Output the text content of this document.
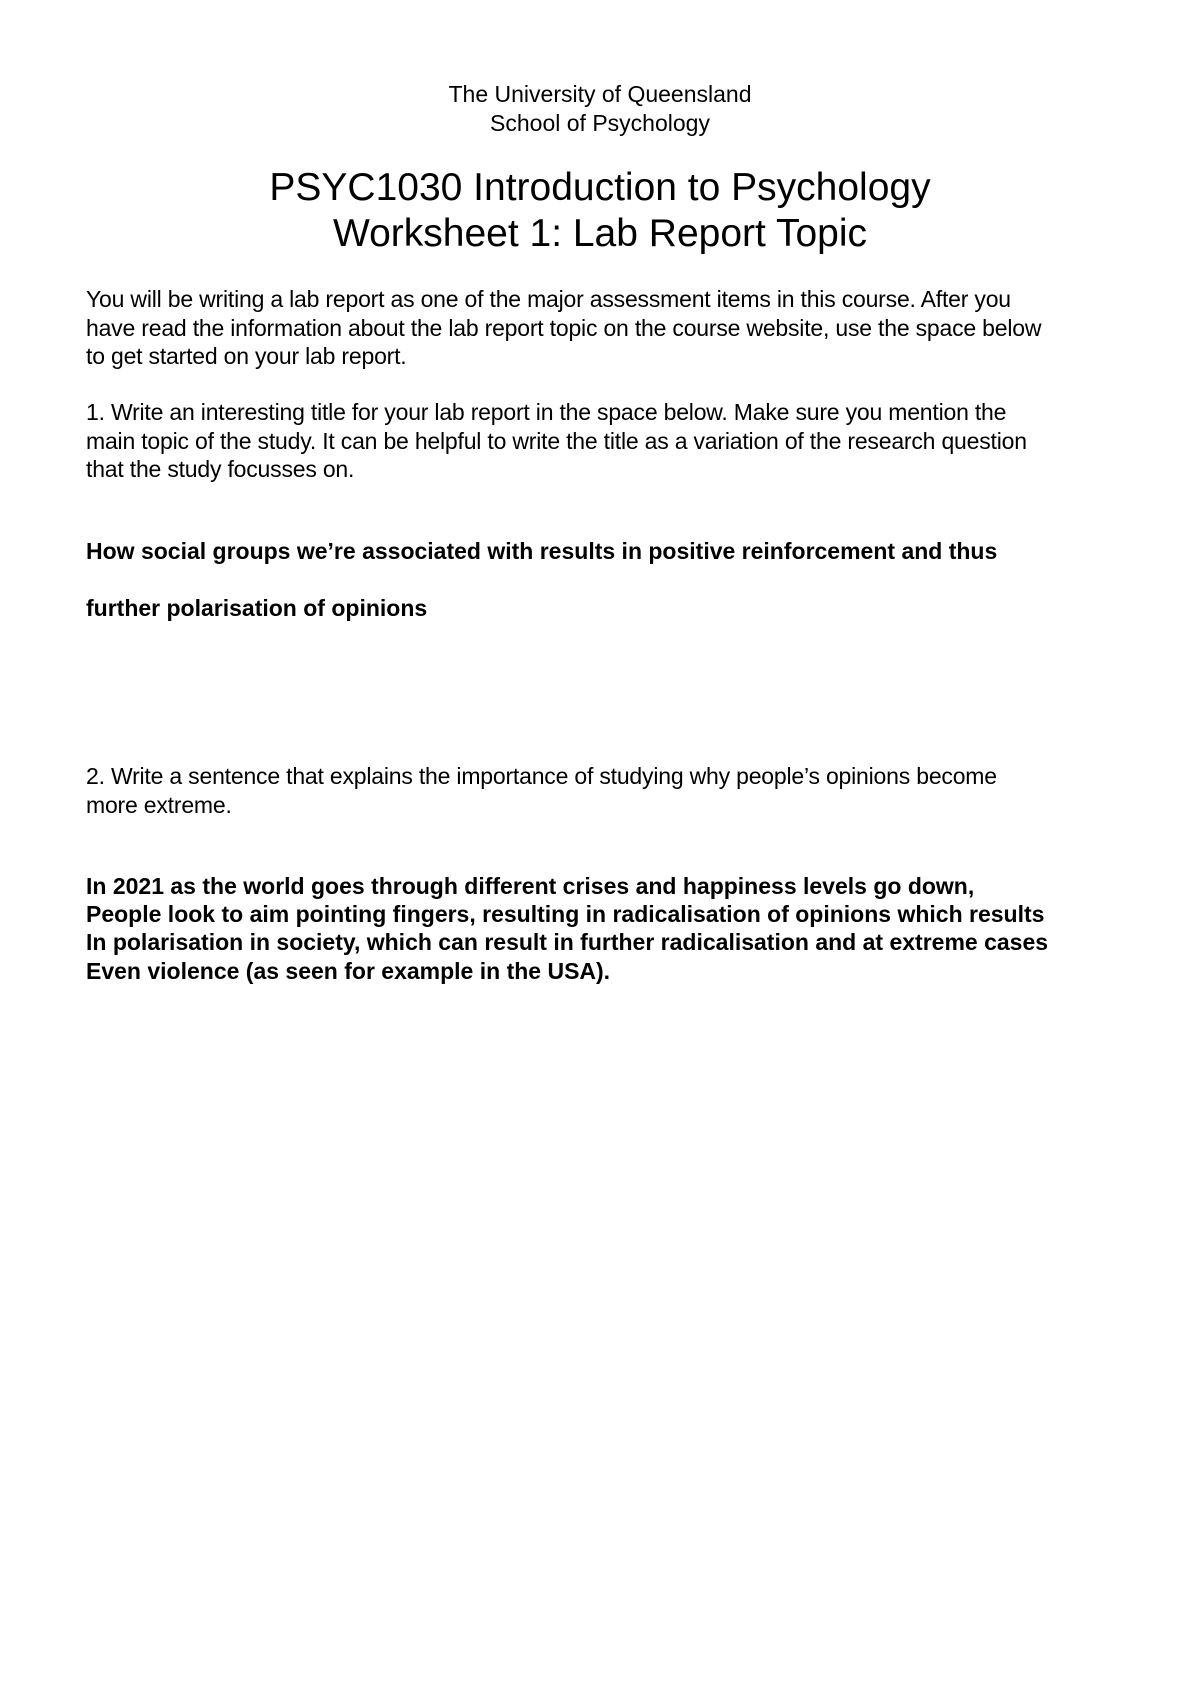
The University of Queensland
School of Psychology
PSYC1030 Introduction to Psychology
Worksheet 1: Lab Report Topic
You will be writing a lab report as one of the major assessment items in this course. After you
have read the information about the lab report topic on the course website, use the space below
to get started on your lab report.
1. Write an interesting title for your lab report in the space below. Make sure you mention the
main topic of the study. It can be helpful to write the title as a variation of the research question
that the study focusses on.
How social groups we’re associated with results in positive reinforcement and thus
further polarisation of opinions
2. Write a sentence that explains the importance of studying why people’s opinions become
more extreme.
In 2021 as the world goes through different crises and happiness levels go down,
People look to aim pointing fingers, resulting in radicalisation of opinions which results
In polarisation in society, which can result in further radicalisation and at extreme cases
Even violence (as seen for example in the USA).
